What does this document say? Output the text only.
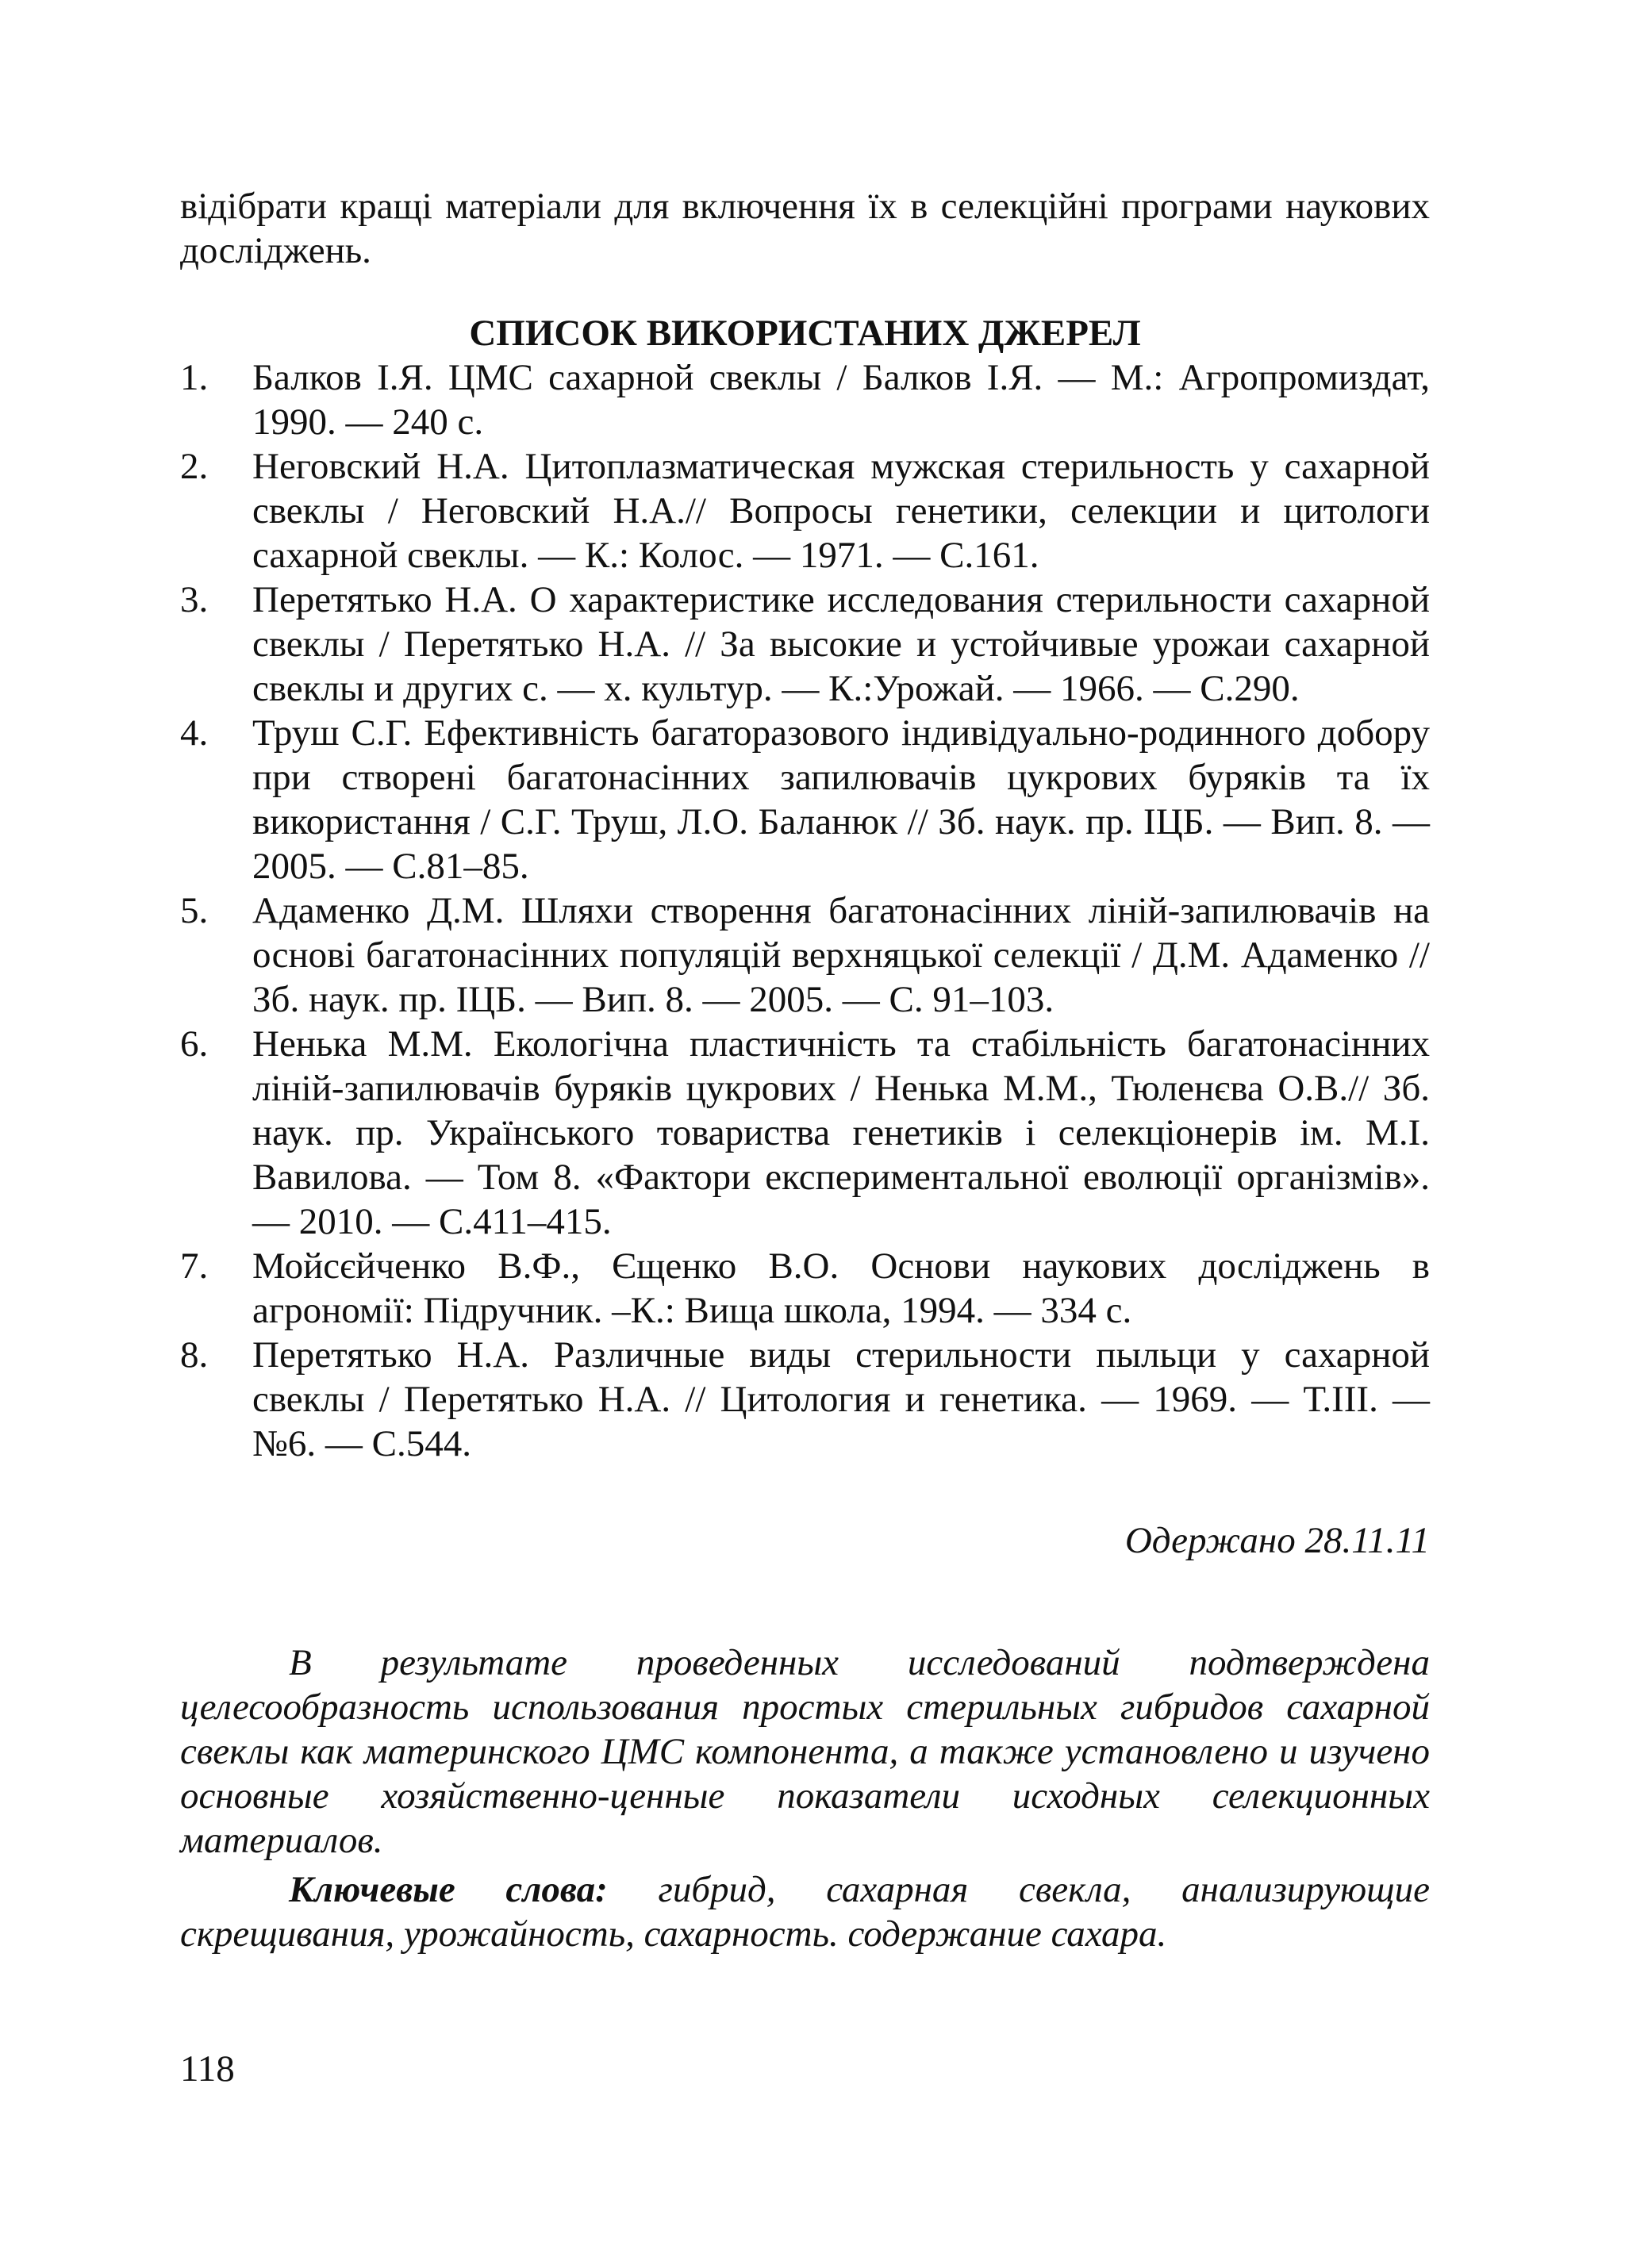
відібрати кращі матеріали для включення їх в селекційні програми наукових досліджень.

СПИСОК ВИКОРИСТАНИХ ДЖЕРЕЛ

1. Балков І.Я. ЦМС сахарной свеклы / Балков І.Я. — М.: Агропромиздат, 1990. — 240 с.
2. Неговский Н.А. Цитоплазматическая мужская стерильность у сахарной свеклы / Неговский Н.А.// Вопросы генетики, селекции и цитологи сахарной свеклы. — К.: Колос. — 1971. — С.161.
3. Перетятько Н.А. О характеристике исследования стерильности сахарной свеклы / Перетятько Н.А. // За высокие и устойчивые урожаи сахарной свеклы и других с. — х. культур. — К.:Урожай. — 1966. — С.290.
4. Труш С.Г. Ефективність багаторазового індивідуально-родинного добору при створені багатонасінних запилювачів цукрових буряків та їх використання / С.Г. Труш, Л.О. Баланюк // Зб. наук. пр. ІЦБ. — Вип. 8. — 2005. — С.81–85.
5. Адаменко Д.М. Шляхи створення багатонасінних ліній-запилювачів на основі багатонасінних популяцій верхняцької селекції / Д.М. Адаменко // Зб. наук. пр. ІЦБ. — Вип. 8. — 2005. — С. 91–103.
6. Ненька М.М. Екологічна пластичність та стабільність багатонасінних ліній-запилювачів буряків цукрових / Ненька М.М., Тюленєва О.В.// Зб. наук. пр. Українського товариства генетиків і селекціонерів ім. М.І. Вавилова. — Том 8. «Фактори експериментальної еволюції організмів». — 2010. — С.411–415.
7. Мойсєйченко В.Ф., Єщенко В.О. Основи наукових досліджень в агрономії: Підручник. –К.: Вища школа, 1994. — 334 с.
8. Перетятько Н.А. Различные виды стерильности пыльци у сахарной свеклы / Перетятько Н.А. // Цитология и генетика. — 1969. — Т.ІІІ. — №6. — С.544.

Одержано 28.11.11

В результате проведенных исследований подтверждена целесообразность использования простых стерильных гибридов сахарной свеклы как материнского ЦМС компонента, а также установлено и изучено основные хозяйственно-ценные показатели исходных селекционных материалов.

Ключевые слова: гибрид, сахарная свекла, анализирующие скрещивания, урожайность, сахарность. содержание сахара.

118
